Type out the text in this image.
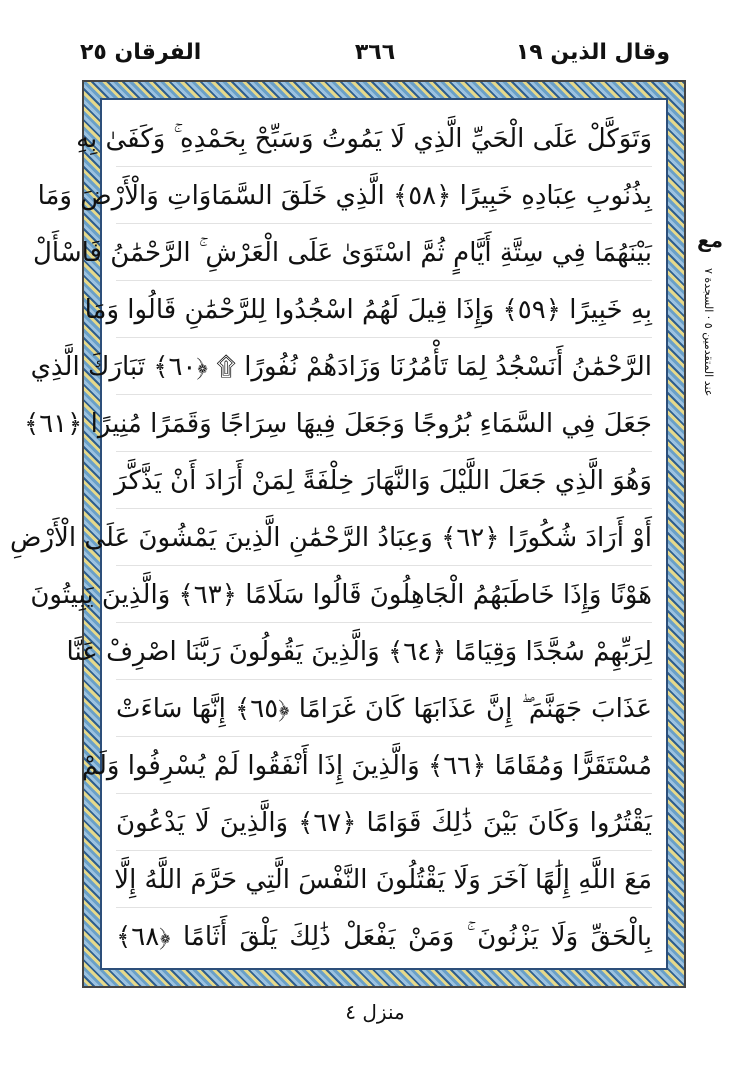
وقال الذين ١٩
٣٦٦
الفرقان ٢٥
وَتَوَكَّلْ عَلَى الْحَيِّ الَّذِي لَا يَمُوتُ وَسَبِّحْ بِحَمْدِهِ ۚ وَكَفَىٰ بِهِ
بِذُنُوبِ عِبَادِهِ خَبِيرًا ﴿٥٨﴾ الَّذِي خَلَقَ السَّمَاوَاتِ وَالْأَرْضَ وَمَا
بَيْنَهُمَا فِي سِتَّةِ أَيَّامٍ ثُمَّ اسْتَوَىٰ عَلَى الْعَرْشِ ۚ الرَّحْمَٰنُ فَاسْأَلْ
بِهِ خَبِيرًا ﴿٥٩﴾ وَإِذَا قِيلَ لَهُمُ اسْجُدُوا لِلرَّحْمَٰنِ قَالُوا وَمَا
الرَّحْمَٰنُ أَنَسْجُدُ لِمَا تَأْمُرُنَا وَزَادَهُمْ نُفُورًا ۩ ﴿٦٠﴾ تَبَارَكَ الَّذِي
جَعَلَ فِي السَّمَاءِ بُرُوجًا وَجَعَلَ فِيهَا سِرَاجًا وَقَمَرًا مُنِيرًا ﴿٦١﴾
وَهُوَ الَّذِي جَعَلَ اللَّيْلَ وَالنَّهَارَ خِلْفَةً لِمَنْ أَرَادَ أَنْ يَذَّكَّرَ
أَوْ أَرَادَ شُكُورًا ﴿٦٢﴾ وَعِبَادُ الرَّحْمَٰنِ الَّذِينَ يَمْشُونَ عَلَى الْأَرْضِ
هَوْنًا وَإِذَا خَاطَبَهُمُ الْجَاهِلُونَ قَالُوا سَلَامًا ﴿٦٣﴾ وَالَّذِينَ يَبِيتُونَ
لِرَبِّهِمْ سُجَّدًا وَقِيَامًا ﴿٦٤﴾ وَالَّذِينَ يَقُولُونَ رَبَّنَا اصْرِفْ عَنَّا
عَذَابَ جَهَنَّمَ ۖ إِنَّ عَذَابَهَا كَانَ غَرَامًا ﴿٦٥﴾ إِنَّهَا سَاءَتْ
مُسْتَقَرًّا وَمُقَامًا ﴿٦٦﴾ وَالَّذِينَ إِذَا أَنْفَقُوا لَمْ يُسْرِفُوا وَلَمْ
يَقْتُرُوا وَكَانَ بَيْنَ ذَٰلِكَ قَوَامًا ﴿٦٧﴾ وَالَّذِينَ لَا يَدْعُونَ
مَعَ اللَّهِ إِلَٰهًا آخَرَ وَلَا يَقْتُلُونَ النَّفْسَ الَّتِي حَرَّمَ اللَّهُ إِلَّا
بِالْحَقِّ وَلَا يَزْنُونَ ۚ وَمَنْ يَفْعَلْ ذَٰلِكَ يَلْقَ أَثَامًا ﴿٦٨﴾
مع
عند المتقدمين ٥ · السجدة ٧
منزل ٤
